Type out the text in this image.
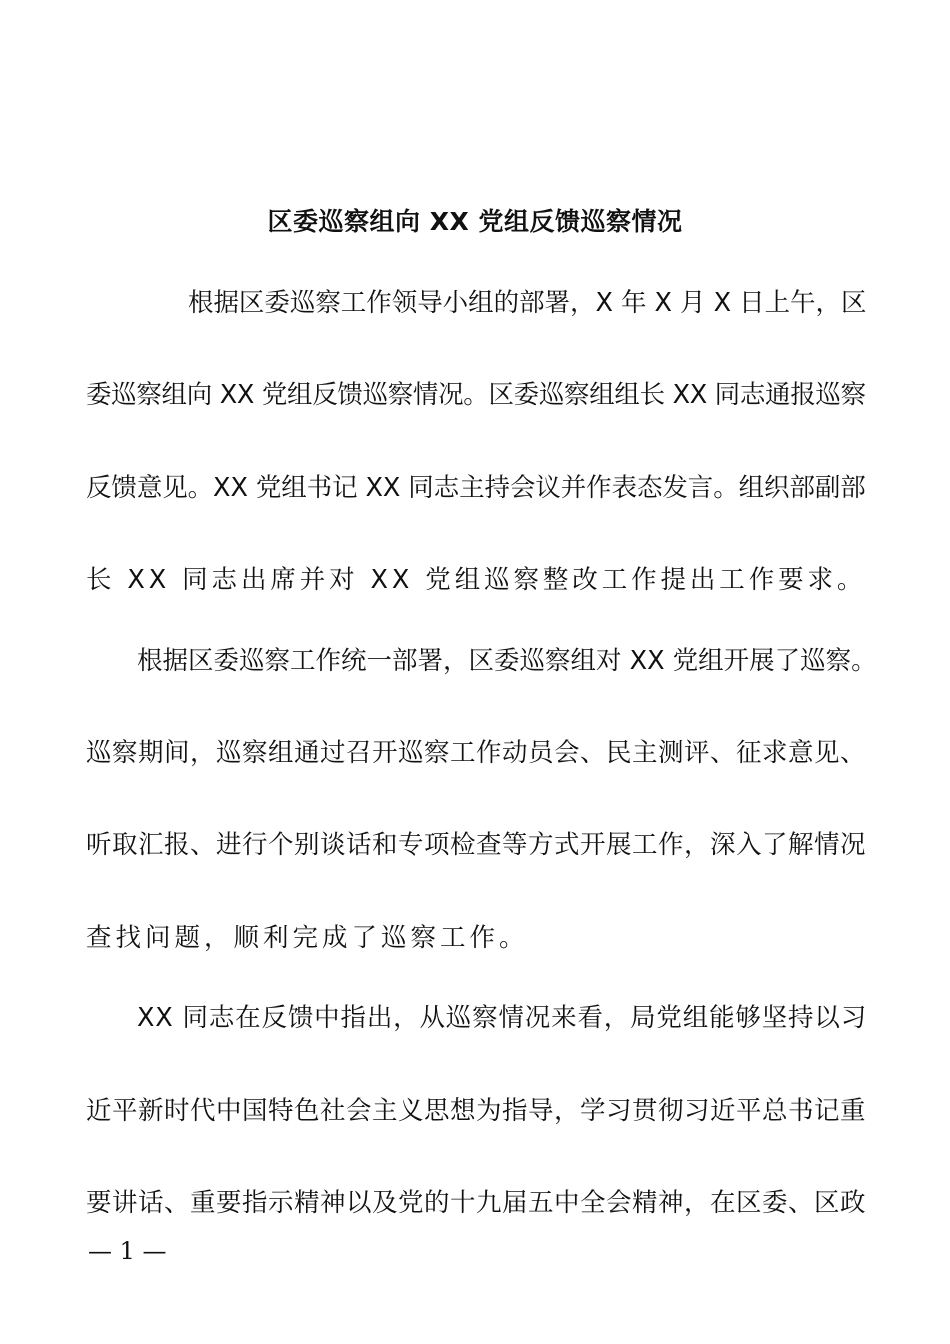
区委巡察组向 XX 党组反馈巡察情况
根据区委巡察工作领导小组的部署，X 年 X 月 X 日上午，区
委巡察组向 XX 党组反馈巡察情况。区委巡察组组长 XX 同志通报巡察
反馈意见。XX 党组书记 XX 同志主持会议并作表态发言。组织部副部
长 XX 同志出席并对 XX 党组巡察整改工作提出工作要求。
根据区委巡察工作统一部署，区委巡察组对 XX 党组开展了巡察。
巡察期间，巡察组通过召开巡察工作动员会、民主测评、征求意见、
听取汇报、进行个别谈话和专项检查等方式开展工作，深入了解情况
查找问题，顺利完成了巡察工作。
XX 同志在反馈中指出，从巡察情况来看，局党组能够坚持以习
近平新时代中国特色社会主义思想为指导，学习贯彻习近平总书记重
要讲话、重要指示精神以及党的十九届五中全会精神，在区委、区政
— 1 —
